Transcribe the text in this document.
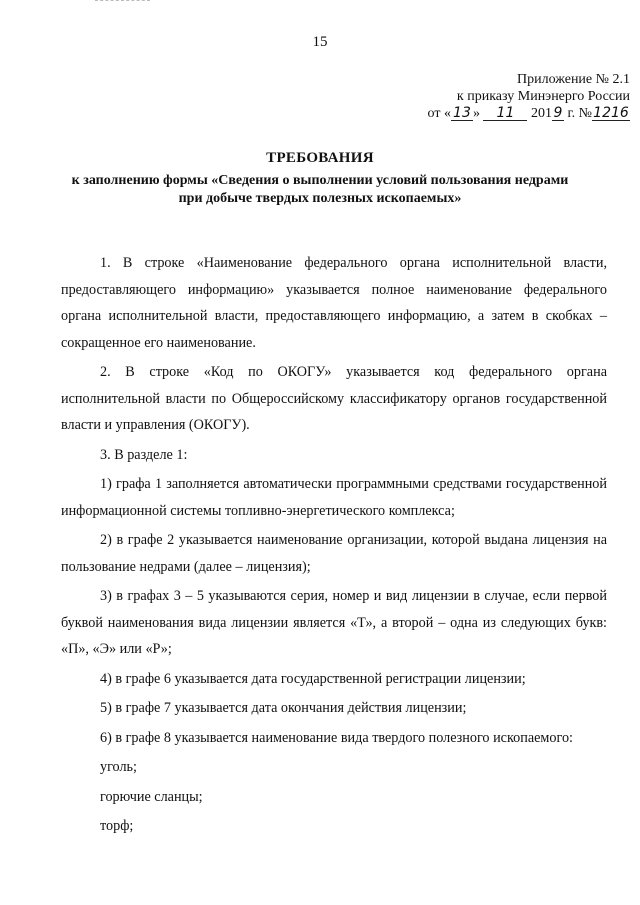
15
Приложение № 2.1
к приказу Минэнерго России
от « 13 » 11 201 9 г. №1216
ТРЕБОВАНИЯ
к заполнению формы «Сведения о выполнении условий пользования недрами
при добыче твердых полезных ископаемых»

1. В строке «Наименование федерального органа исполнительной власти, предоставляющего информацию» указывается полное наименование федерального органа исполнительной власти, предоставляющего информацию, а затем в скобках – сокращенное его наименование.

2. В строке «Код по ОКОГУ» указывается код федерального органа исполнительной власти по Общероссийскому классификатору органов государственной власти и управления (ОКОГУ).

3. В разделе 1:

1) графа 1 заполняется автоматически программными средствами государственной информационной системы топливно-энергетического комплекса;

2) в графе 2 указывается наименование организации, которой выдана лицензия на пользование недрами (далее – лицензия);

3) в графах 3 – 5 указываются серия, номер и вид лицензии в случае, если первой буквой наименования вида лицензии является «Т», а второй – одна из следующих букв: «П», «Э» или «Р»;

4) в графе 6 указывается дата государственной регистрации лицензии;

5) в графе 7 указывается дата окончания действия лицензии;

6) в графе 8 указывается наименование вида твердого полезного ископаемого:

уголь;

горючие сланцы;

торф;
